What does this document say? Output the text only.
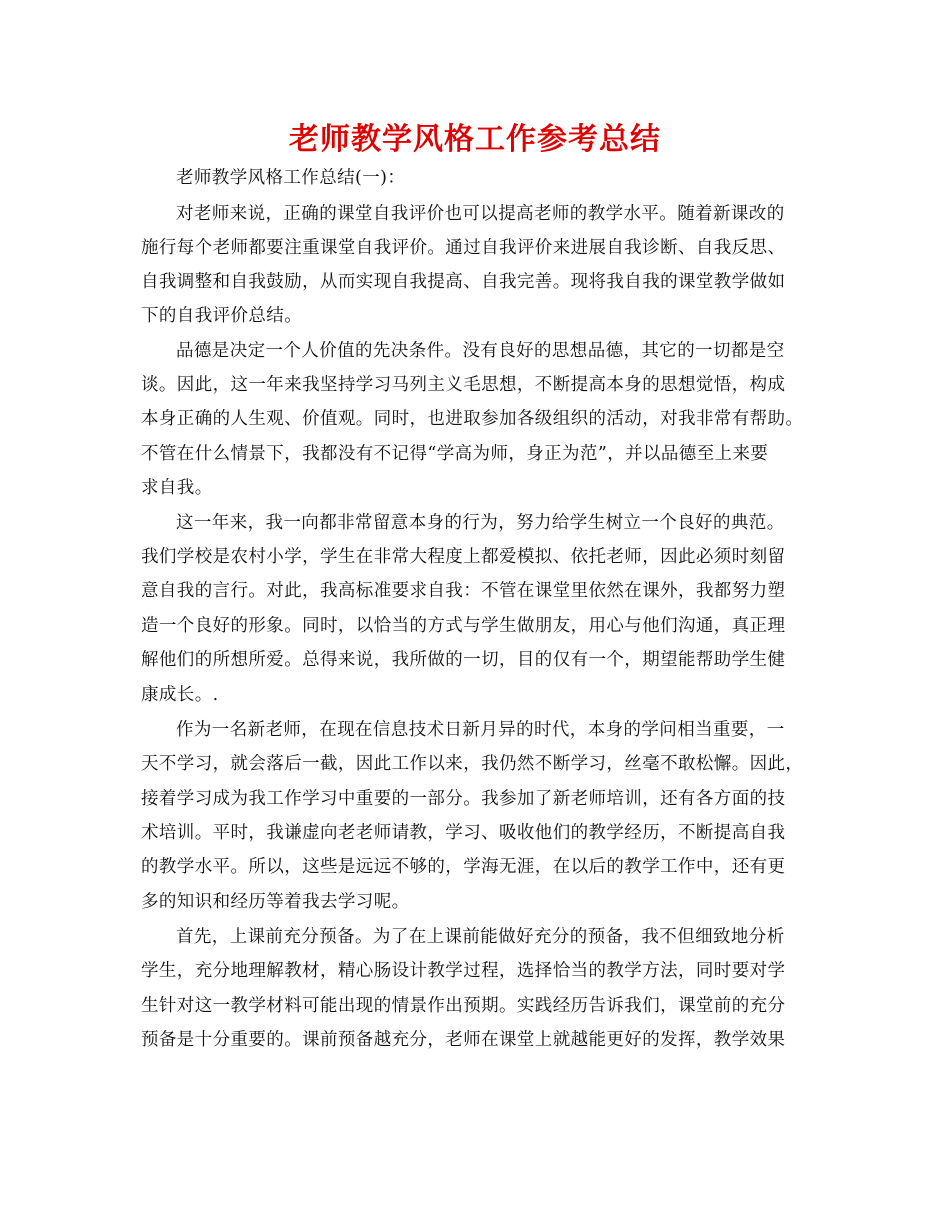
老师教学风格工作参考总结
老师教学风格工作总结(一)：
对老师来说，正确的课堂自我评价也可以提高老师的教学水平。随着新课改的
施行每个老师都要注重课堂自我评价。通过自我评价来进展自我诊断、自我反思、
自我调整和自我鼓励，从而实现自我提高、自我完善。现将我自我的课堂教学做如
下的自我评价总结。
品德是决定一个人价值的先决条件。没有良好的思想品德，其它的一切都是空
谈。因此，这一年来我坚持学习马列主义毛思想，不断提高本身的思想觉悟，构成
本身正确的人生观、价值观。同时，也进取参加各级组织的活动，对我非常有帮助。
不管在什么情景下，我都没有不记得“学高为师，身正为范”，并以品德至上来要
求自我。
这一年来，我一向都非常留意本身的行为，努力给学生树立一个良好的典范。
我们学校是农村小学，学生在非常大程度上都爱模拟、依托老师，因此必须时刻留
意自我的言行。对此，我高标准要求自我：不管在课堂里依然在课外，我都努力塑
造一个良好的形象。同时，以恰当的方式与学生做朋友，用心与他们沟通，真正理
解他们的所想所爱。总得来说，我所做的一切，目的仅有一个，期望能帮助学生健
康成长。.
作为一名新老师，在现在信息技术日新月异的时代，本身的学问相当重要，一
天不学习，就会落后一截，因此工作以来，我仍然不断学习，丝毫不敢松懈。因此，
接着学习成为我工作学习中重要的一部分。我参加了新老师培训，还有各方面的技
术培训。平时，我谦虚向老老师请教，学习、吸收他们的教学经历，不断提高自我
的教学水平。所以，这些是远远不够的，学海无涯，在以后的教学工作中，还有更
多的知识和经历等着我去学习呢。
首先，上课前充分预备。为了在上课前能做好充分的预备，我不但细致地分析
学生，充分地理解教材，精心肠设计教学过程，选择恰当的教学方法，同时要对学
生针对这一教学材料可能出现的情景作出预期。实践经历告诉我们，课堂前的充分
预备是十分重要的。课前预备越充分，老师在课堂上就越能更好的发挥，教学效果
